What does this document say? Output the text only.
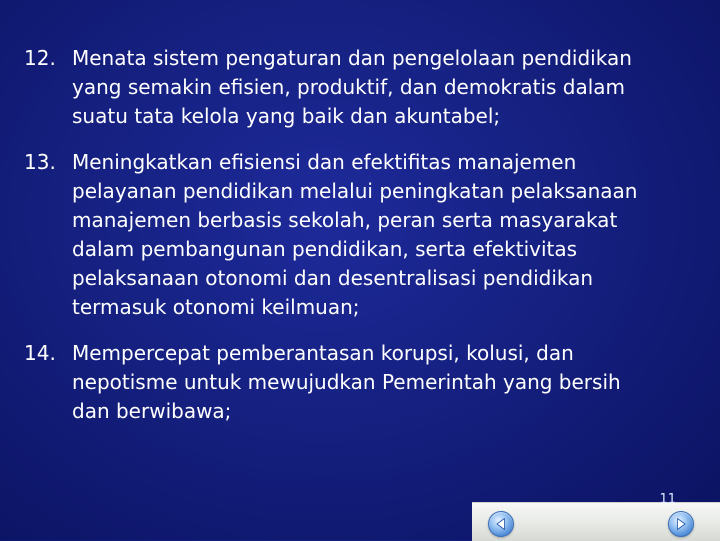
12. Menata sistem pengaturan dan pengelolaan pendidikan
yang semakin efisien, produktif, dan demokratis dalam
suatu tata kelola yang baik dan akuntabel;
13. Meningkatkan efisiensi dan efektifitas manajemen
pelayanan pendidikan melalui peningkatan pelaksanaan
manajemen berbasis sekolah, peran serta masyarakat
dalam pembangunan pendidikan, serta efektivitas
pelaksanaan otonomi dan desentralisasi pendidikan
termasuk otonomi keilmuan;
14. Mempercepat pemberantasan korupsi, kolusi, dan
nepotisme untuk mewujudkan Pemerintah yang bersih
dan berwibawa;
11
